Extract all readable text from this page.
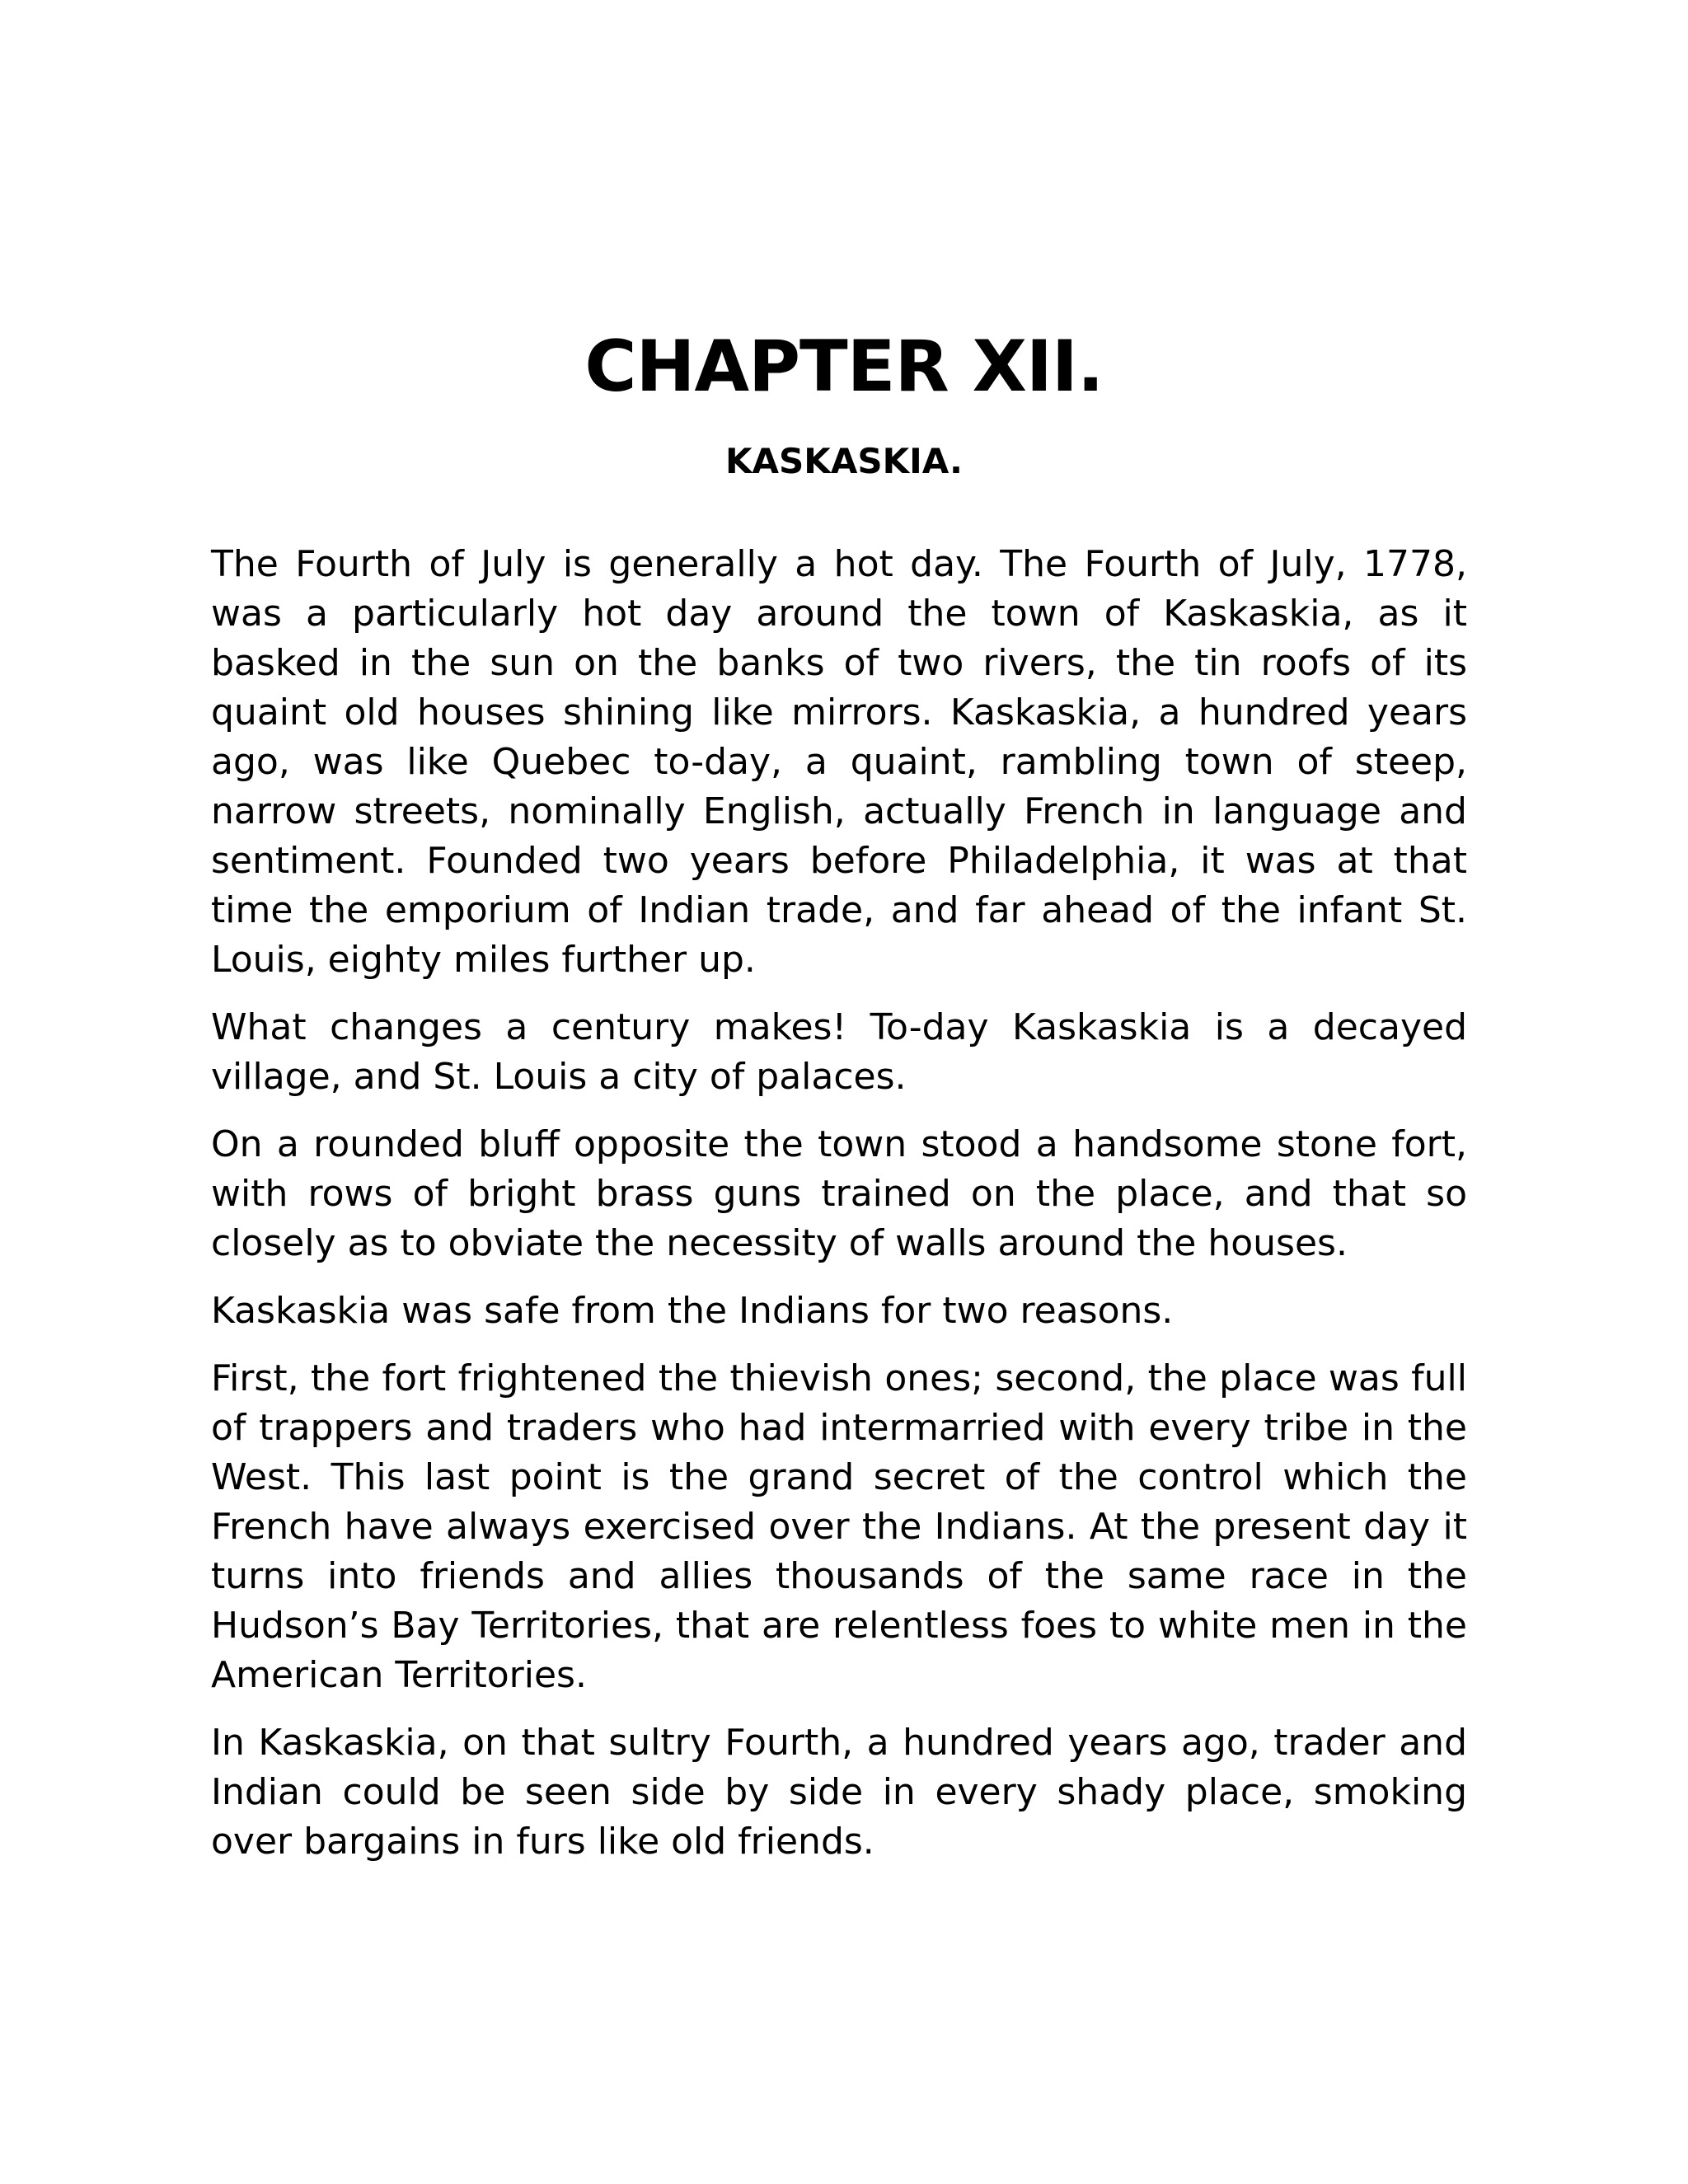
CHAPTER XII.
KASKASKIA.

The Fourth of July is generally a hot day. The Fourth of July, 1778, was a particularly hot day around the town of Kaskaskia, as it basked in the sun on the banks of two rivers, the tin roofs of its quaint old houses shining like mirrors. Kaskaskia, a hundred years ago, was like Quebec to-day, a quaint, rambling town of steep, narrow streets, nominally English, actually French in language and sentiment. Founded two years before Philadelphia, it was at that time the emporium of Indian trade, and far ahead of the infant St. Louis, eighty miles further up.

What changes a century makes! To-day Kaskaskia is a decayed village, and St. Louis a city of palaces.

On a rounded bluff opposite the town stood a handsome stone fort, with rows of bright brass guns trained on the place, and that so closely as to obviate the necessity of walls around the houses.

Kaskaskia was safe from the Indians for two reasons.

First, the fort frightened the thievish ones; second, the place was full of trappers and traders who had intermarried with every tribe in the West. This last point is the grand secret of the control which the French have always exercised over the Indians. At the present day it turns into friends and allies thousands of the same race in the Hudson’s Bay Territories, that are relentless foes to white men in the American Territories.

In Kaskaskia, on that sultry Fourth, a hundred years ago, trader and Indian could be seen side by side in every shady place, smoking over bargains in furs like old friends.
